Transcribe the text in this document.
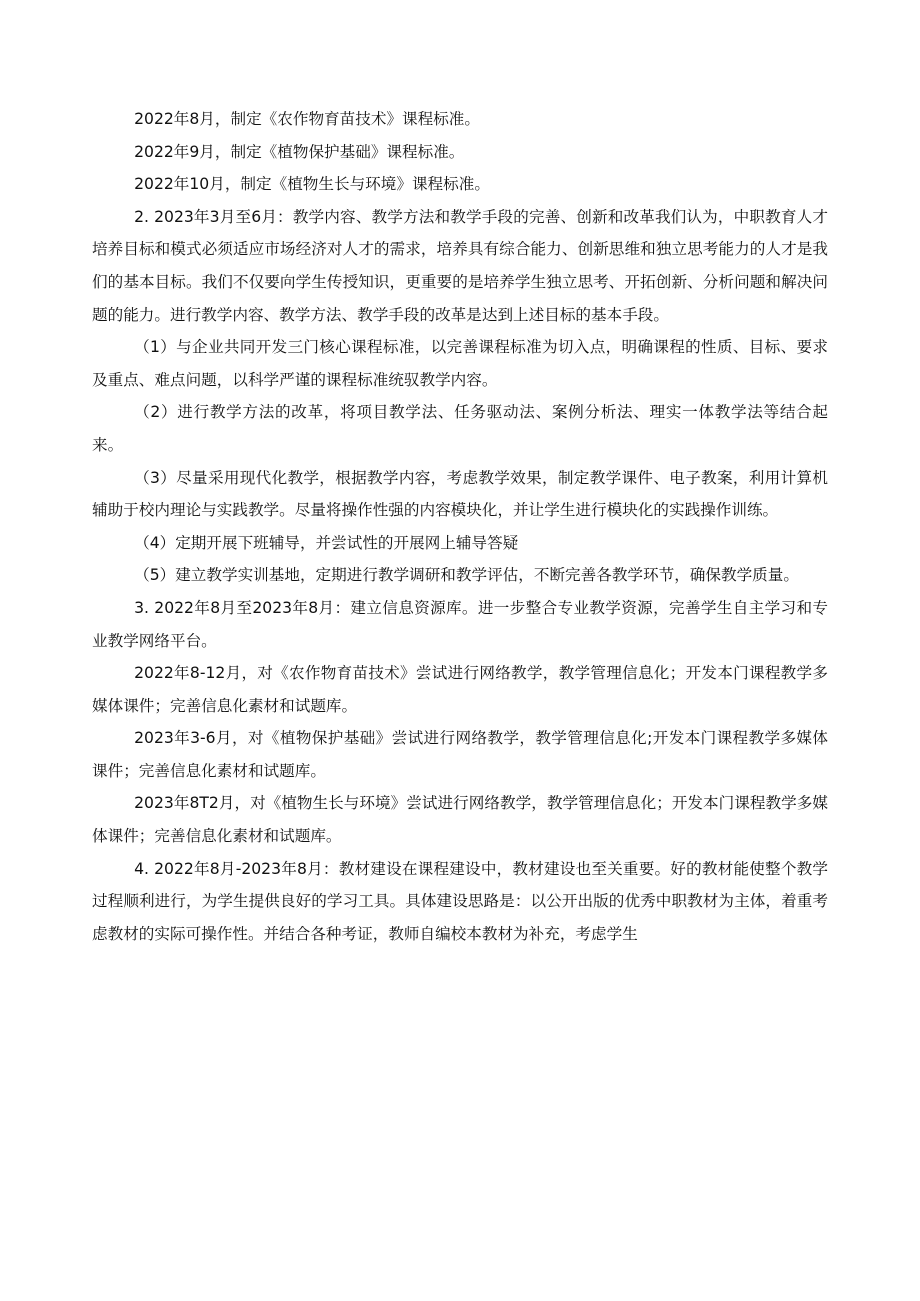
2022年8月，制定《农作物育苗技术》课程标准。

2022年9月，制定《植物保护基础》课程标准。

2022年10月，制定《植物生长与环境》课程标准。

2. 2023年3月至6月：教学内容、教学方法和教学手段的完善、创新和改革我们认为，中职教育人才培养目标和模式必须适应市场经济对人才的需求，培养具有综合能力、创新思维和独立思考能力的人才是我们的基本目标。我们不仅要向学生传授知识，更重要的是培养学生独立思考、开拓创新、分析问题和解决问题的能力。进行教学内容、教学方法、教学手段的改革是达到上述目标的基本手段。

（1）与企业共同开发三门核心课程标准，以完善课程标准为切入点，明确课程的性质、目标、要求及重点、难点问题，以科学严谨的课程标准统驭教学内容。

（2）进行教学方法的改革，将项目教学法、任务驱动法、案例分析法、理实一体教学法等结合起来。

（3）尽量采用现代化教学，根据教学内容，考虑教学效果，制定教学课件、电子教案，利用计算机辅助于校内理论与实践教学。尽量将操作性强的内容模块化，并让学生进行模块化的实践操作训练。

（4）定期开展下班辅导，并尝试性的开展网上辅导答疑

（5）建立教学实训基地，定期进行教学调研和教学评估，不断完善各教学环节，确保教学质量。

3. 2022年8月至2023年8月：建立信息资源库。进一步整合专业教学资源，完善学生自主学习和专业教学网络平台。

2022年8-12月，对《农作物育苗技术》尝试进行网络教学，教学管理信息化；开发本门课程教学多媒体课件；完善信息化素材和试题库。

2023年3-6月，对《植物保护基础》尝试进行网络教学，教学管理信息化;开发本门课程教学多媒体课件；完善信息化素材和试题库。

2023年8T2月，对《植物生长与环境》尝试进行网络教学，教学管理信息化；开发本门课程教学多媒体课件；完善信息化素材和试题库。

4. 2022年8月-2023年8月：教材建设在课程建设中，教材建设也至关重要。好的教材能使整个教学过程顺利进行，为学生提供良好的学习工具。具体建设思路是：以公开出版的优秀中职教材为主体，着重考虑教材的实际可操作性。并结合各种考证，教师自编校本教材为补充，考虑学生
